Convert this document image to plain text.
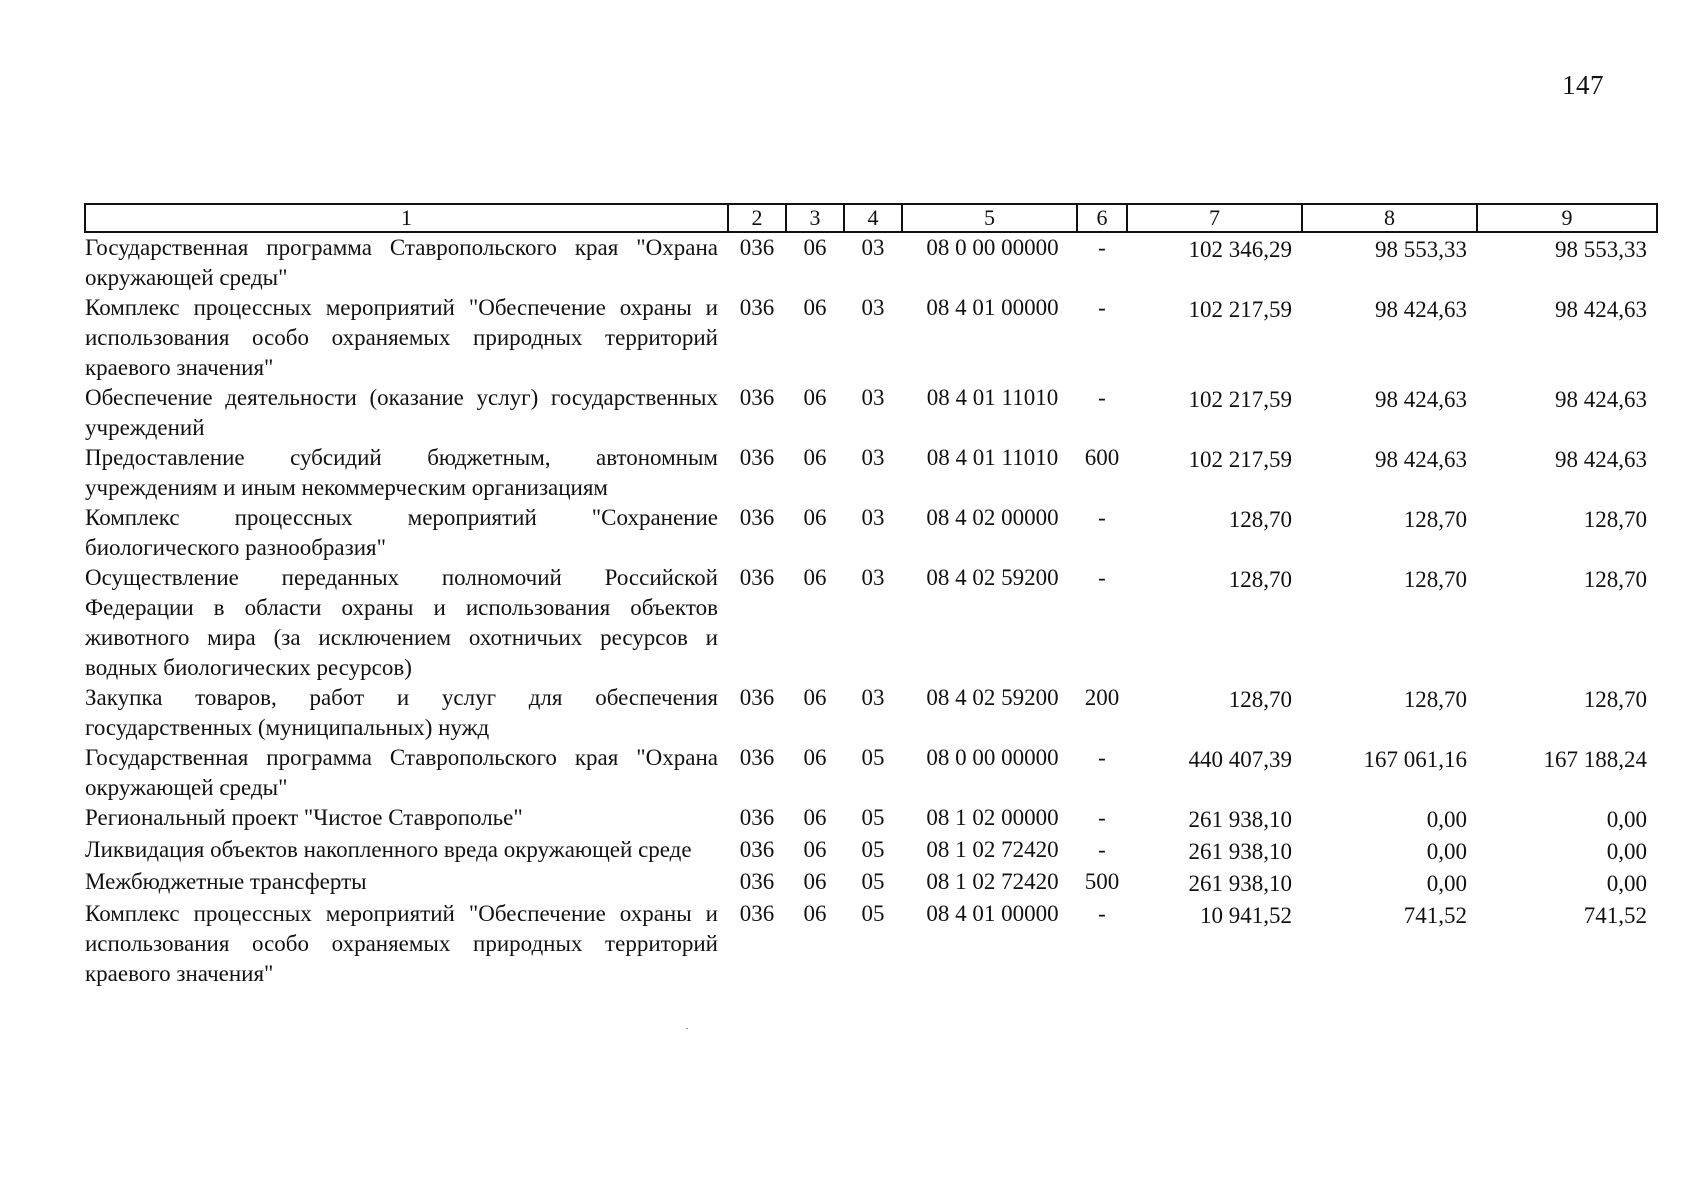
147
1	2	3	4	5	6	7	8	9
Государственная программа Ставропольского края "Охрана окружающей среды"	036	06	03	08 0 00 00000	-	102 346,29	98 553,33	98 553,33
Комплекс процессных мероприятий "Обеспечение охраны и использования особо охраняемых природных территорий краевого значения"	036	06	03	08 4 01 00000	-	102 217,59	98 424,63	98 424,63
Обеспечение деятельности (оказание услуг) государственных учреждений	036	06	03	08 4 01 11010	-	102 217,59	98 424,63	98 424,63
Предоставление субсидий бюджетным, автономным учреждениям и иным некоммерческим организациям	036	06	03	08 4 01 11010	600	102 217,59	98 424,63	98 424,63
Комплекс процессных мероприятий "Сохранение биологического разнообразия"	036	06	03	08 4 02 00000	-	128,70	128,70	128,70
Осуществление переданных полномочий Российской Федерации в области охраны и использования объектов животного мира (за исключением охотничьих ресурсов и водных биологических ресурсов)	036	06	03	08 4 02 59200	-	128,70	128,70	128,70
Закупка товаров, работ и услуг для обеспечения государственных (муниципальных) нужд	036	06	03	08 4 02 59200	200	128,70	128,70	128,70
Государственная программа Ставропольского края "Охрана окружающей среды"	036	06	05	08 0 00 00000	-	440 407,39	167 061,16	167 188,24
Региональный проект "Чистое Ставрополье"	036	06	05	08 1 02 00000	-	261 938,10	0,00	0,00
Ликвидация объектов накопленного вреда окружающей среде	036	06	05	08 1 02 72420	-	261 938,10	0,00	0,00
Межбюджетные трансферты	036	06	05	08 1 02 72420	500	261 938,10	0,00	0,00
Комплекс процессных мероприятий "Обеспечение охраны и использования особо охраняемых природных территорий краевого значения"	036	06	05	08 4 01 00000	-	10 941,52	741,52	741,52
